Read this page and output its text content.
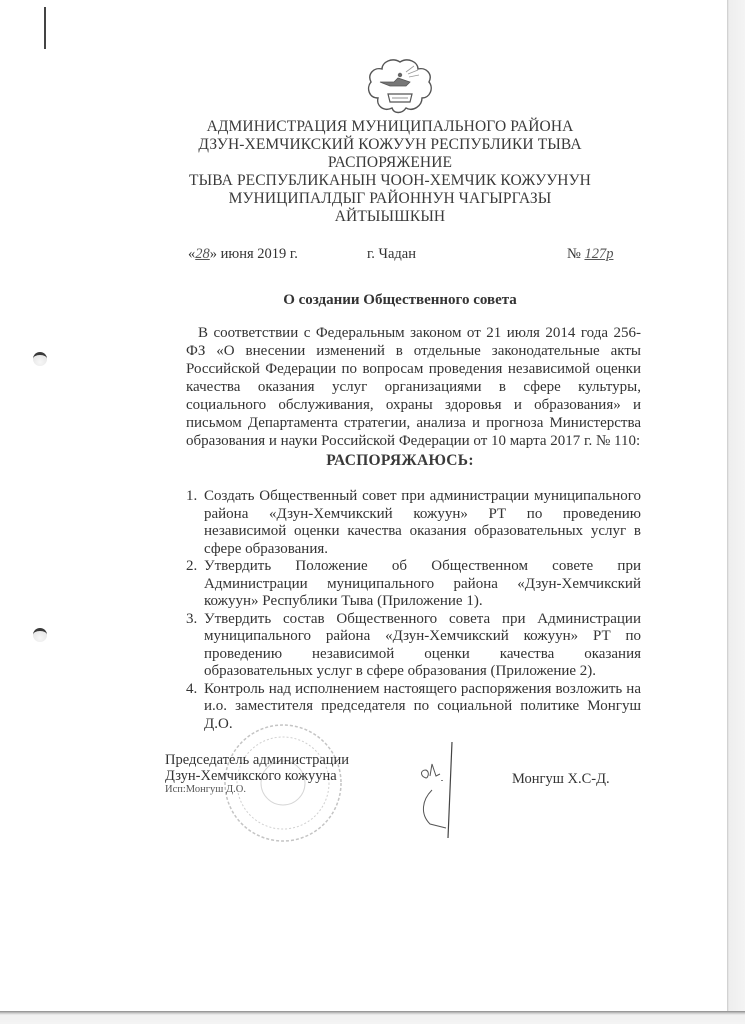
АДМИНИСТРАЦИЯ МУНИЦИПАЛЬНОГО РАЙОНА
ДЗУН-ХЕМЧИКСКИЙ КОЖУУН РЕСПУБЛИКИ ТЫВА
РАСПОРЯЖЕНИЕ
ТЫВА РЕСПУБЛИКАНЫН ЧООН-ХЕМЧИК КОЖУУНУН
МУНИЦИПАЛДЫГ РАЙОННУН ЧАГЫРГАЗЫ
АЙТЫЫШКЫН
«28» июня 2019 г.	г. Чадан	№ 127р
О создании Общественного совета
В соответствии с Федеральным законом от 21 июля 2014 года 256-ФЗ «О внесении изменений в отдельные законодательные акты Российской Федерации по вопросам проведения независимой оценки качества оказания услуг организациями в сфере культуры, социального обслуживания, охраны здоровья и образования» и письмом Департамента стратегии, анализа и прогноза Министерства образования и науки Российской Федерации от 10 марта 2017 г. № 110:
РАСПОРЯЖАЮСЬ:
1. Создать Общественный совет при администрации муниципального района «Дзун-Хемчикский кожуун» РТ по проведению независимой оценки качества оказания образовательных услуг в сфере образования.
2. Утвердить Положение об Общественном совете при Администрации муниципального района «Дзун-Хемчикский кожуун» Республики Тыва (Приложение 1).
3. Утвердить состав Общественного совета при Администрации муниципального района «Дзун-Хемчикский кожуун» РТ по проведению независимой оценки качества оказания образовательных услуг в сфере образования (Приложение 2).
4. Контроль над исполнением настоящего распоряжения возложить на и.о. заместителя председателя по социальной политике Монгуш Д.О.
Председатель администрации
Дзун-Хемчикского кожууна
Исп:Монгуш Д.О.
Монгуш Х.С-Д.
